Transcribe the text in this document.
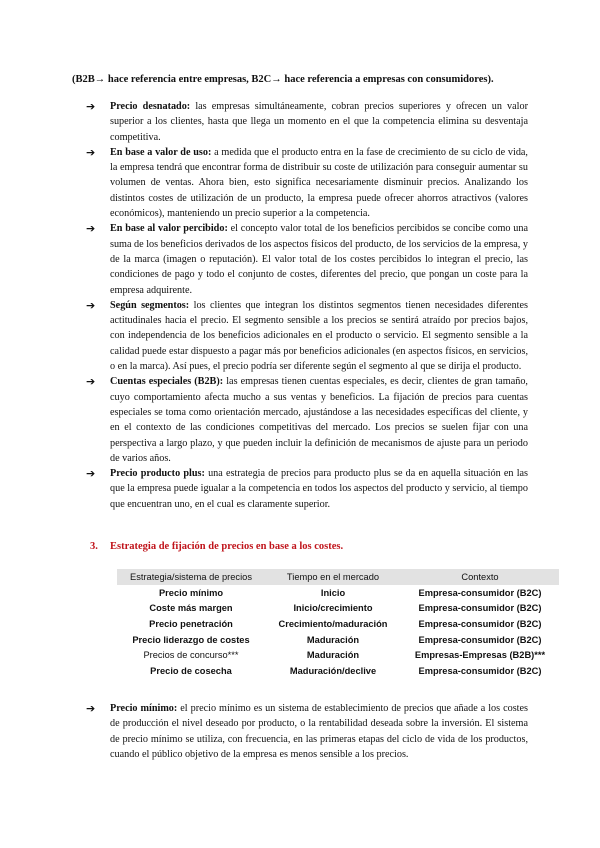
(B2B→ hace referencia entre empresas, B2C→ hace referencia a empresas con consumidores).
➔ Precio desnatado: las empresas simultáneamente, cobran precios superiores y ofrecen un valor superior a los clientes, hasta que llega un momento en el que la competencia elimina su desventaja competitiva.
➔ En base a valor de uso: a medida que el producto entra en la fase de crecimiento de su ciclo de vida, la empresa tendrá que encontrar forma de distribuir su coste de utilización para conseguir aumentar su volumen de ventas. Ahora bien, esto significa necesariamente disminuir precios. Analizando los distintos costes de utilización de un producto, la empresa puede ofrecer ahorros atractivos (valores económicos), manteniendo un precio superior a la competencia.
➔ En base al valor percibido: el concepto valor total de los beneficios percibidos se concibe como una suma de los beneficios derivados de los aspectos físicos del producto, de los servicios de la empresa, y de la marca (imagen o reputación). El valor total de los costes percibidos lo integran el precio, las condiciones de pago y todo el conjunto de costes, diferentes del precio, que pongan un coste para la empresa adquirente.
➔ Según segmentos: los clientes que integran los distintos segmentos tienen necesidades diferentes actitudinales hacia el precio. El segmento sensible a los precios se sentirá atraído por precios bajos, con independencia de los beneficios adicionales en el producto o servicio. El segmento sensible a la calidad puede estar dispuesto a pagar más por beneficios adicionales (en aspectos físicos, en servicios, o en la marca). Así pues, el precio podría ser diferente según el segmento al que se dirija el producto.
➔ Cuentas especiales (B2B): las empresas tienen cuentas especiales, es decir, clientes de gran tamaño, cuyo comportamiento afecta mucho a sus ventas y beneficios. La fijación de precios para cuentas especiales se toma como orientación mercado, ajustándose a las necesidades específicas del cliente, y en el contexto de las condiciones competitivas del mercado. Los precios se suelen fijar con una perspectiva a largo plazo, y que pueden incluir la definición de mecanismos de ajuste para un periodo de varios años.
➔ Precio producto plus: una estrategia de precios para producto plus se da en aquella situación en las que la empresa puede igualar a la competencia en todos los aspectos del producto y servicio, al tiempo que encuentran uno, en el cual es claramente superior.
3. Estrategia de fijación de precios en base a los costes.
Estrategia/sistema de precios	Tiempo en el mercado	Contexto
Precio mínimo	Inicio	Empresa-consumidor (B2C)
Coste más margen	Inicio/crecimiento	Empresa-consumidor (B2C)
Precio penetración	Crecimiento/maduración	Empresa-consumidor (B2C)
Precio liderazgo de costes	Maduración	Empresa-consumidor (B2C)
Precios de concurso***	Maduración	Empresas-Empresas (B2B)***
Precio de cosecha	Maduración/declive	Empresa-consumidor (B2C)
➔ Precio mínimo: el precio mínimo es un sistema de establecimiento de precios que añade a los costes de producción el nivel deseado por producto, o la rentabilidad deseada sobre la inversión. El sistema de precio mínimo se utiliza, con frecuencia, en las primeras etapas del ciclo de vida de los productos, cuando el público objetivo de la empresa es menos sensible a los precios.
